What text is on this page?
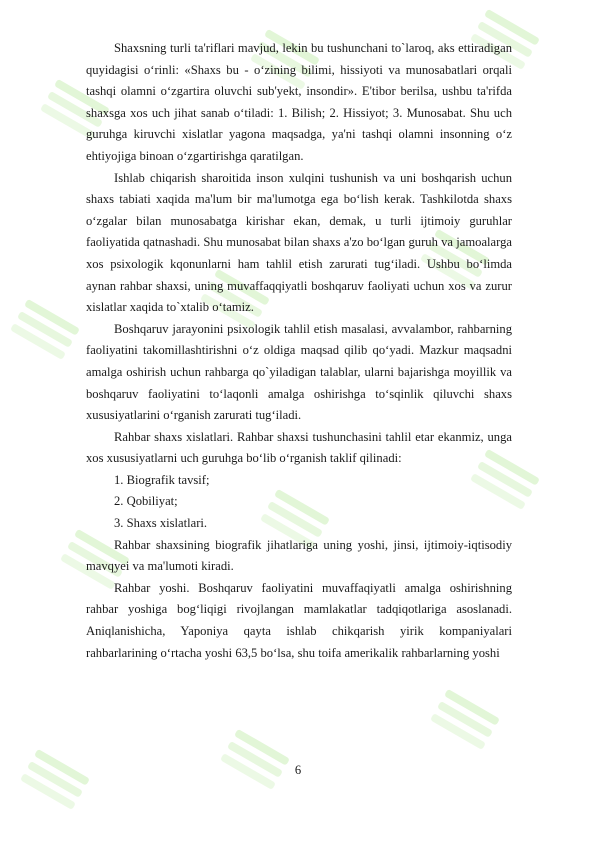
Shaxsning turli ta'riflari mavjud, lekin bu tushunchani to`laroq, aks ettiradigan quyidagisi o‘rinli: «Shaxs bu - o‘zining bilimi, hissiyoti va munosabatlari orqali tashqi olamni o‘zgartira oluvchi sub'yekt, insondir». E'tibor berilsa, ushbu ta'rifda shaxsga xos uch jihat sanab o‘tiladi: 1. Bilish; 2. Hissiyot; 3. Munosabat. Shu uch guruhga kiruvchi xislatlar yagona maqsadga, ya'ni tashqi olamni insonning o‘z ehtiyojiga binoan o‘zgartirishga qaratilgan.

Ishlab chiqarish sharoitida inson xulqini tushunish va uni boshqarish uchun shaxs tabiati xaqida ma'lum bir ma'lumotga ega bo‘lish kerak. Tashkilotda shaxs o‘zgalar bilan munosabatga kirishar ekan, demak, u turli ijtimoiy guruhlar faoliyatida qatnashadi. Shu munosabat bilan shaxs a'zo bo‘lgan guruh va jamoalarga xos psixologik kqonunlarni ham tahlil etish zarurati tug‘iladi. Ushbu bo‘limda aynan rahbar shaxsi, uning muvaffaqqiyatli boshqaruv faoliyati uchun xos va zurur xislatlar xaqida to`xtalib o‘tamiz.

Boshqaruv jarayonini psixologik tahlil etish masalasi, avvalambor, rahbarning faoliyatini takomillashtirishni o‘z oldiga maqsad qilib qo‘yadi. Mazkur maqsadni amalga oshirish uchun rahbarga qo`yiladigan talablar, ularni bajarishga moyillik va boshqaruv faoliyatini to‘laqonli amalga oshirishga to‘sqinlik qiluvchi shaxs xususiyatlarini o‘rganish zarurati tug‘iladi.

Rahbar shaxs xislatlari. Rahbar shaxsi tushunchasini tahlil etar ekanmiz, unga xos xususiyatlarni uch guruhga bo‘lib o‘rganish taklif qilinadi:

1. Biografik tavsif;

2. Qobiliyat;

3. Shaxs xislatlari.

Rahbar shaxsining biografik jihatlariga uning yoshi, jinsi, ijtimoiy-iqtisodiy mavqyei va ma'lumoti kiradi.

Rahbar yoshi. Boshqaruv faoliyatini muvaffaqiyatli amalga oshirishning rahbar yoshiga bog‘liqigi rivojlangan mamlakatlar tadqiqotlariga asoslanadi. Aniqlanishicha, Yaponiya qayta ishlab chikqarish yirik kompaniyalari rahbarlarining o‘rtacha yoshi 63,5 bo‘lsa, shu toifa amerikalik rahbarlarning yoshi

6
